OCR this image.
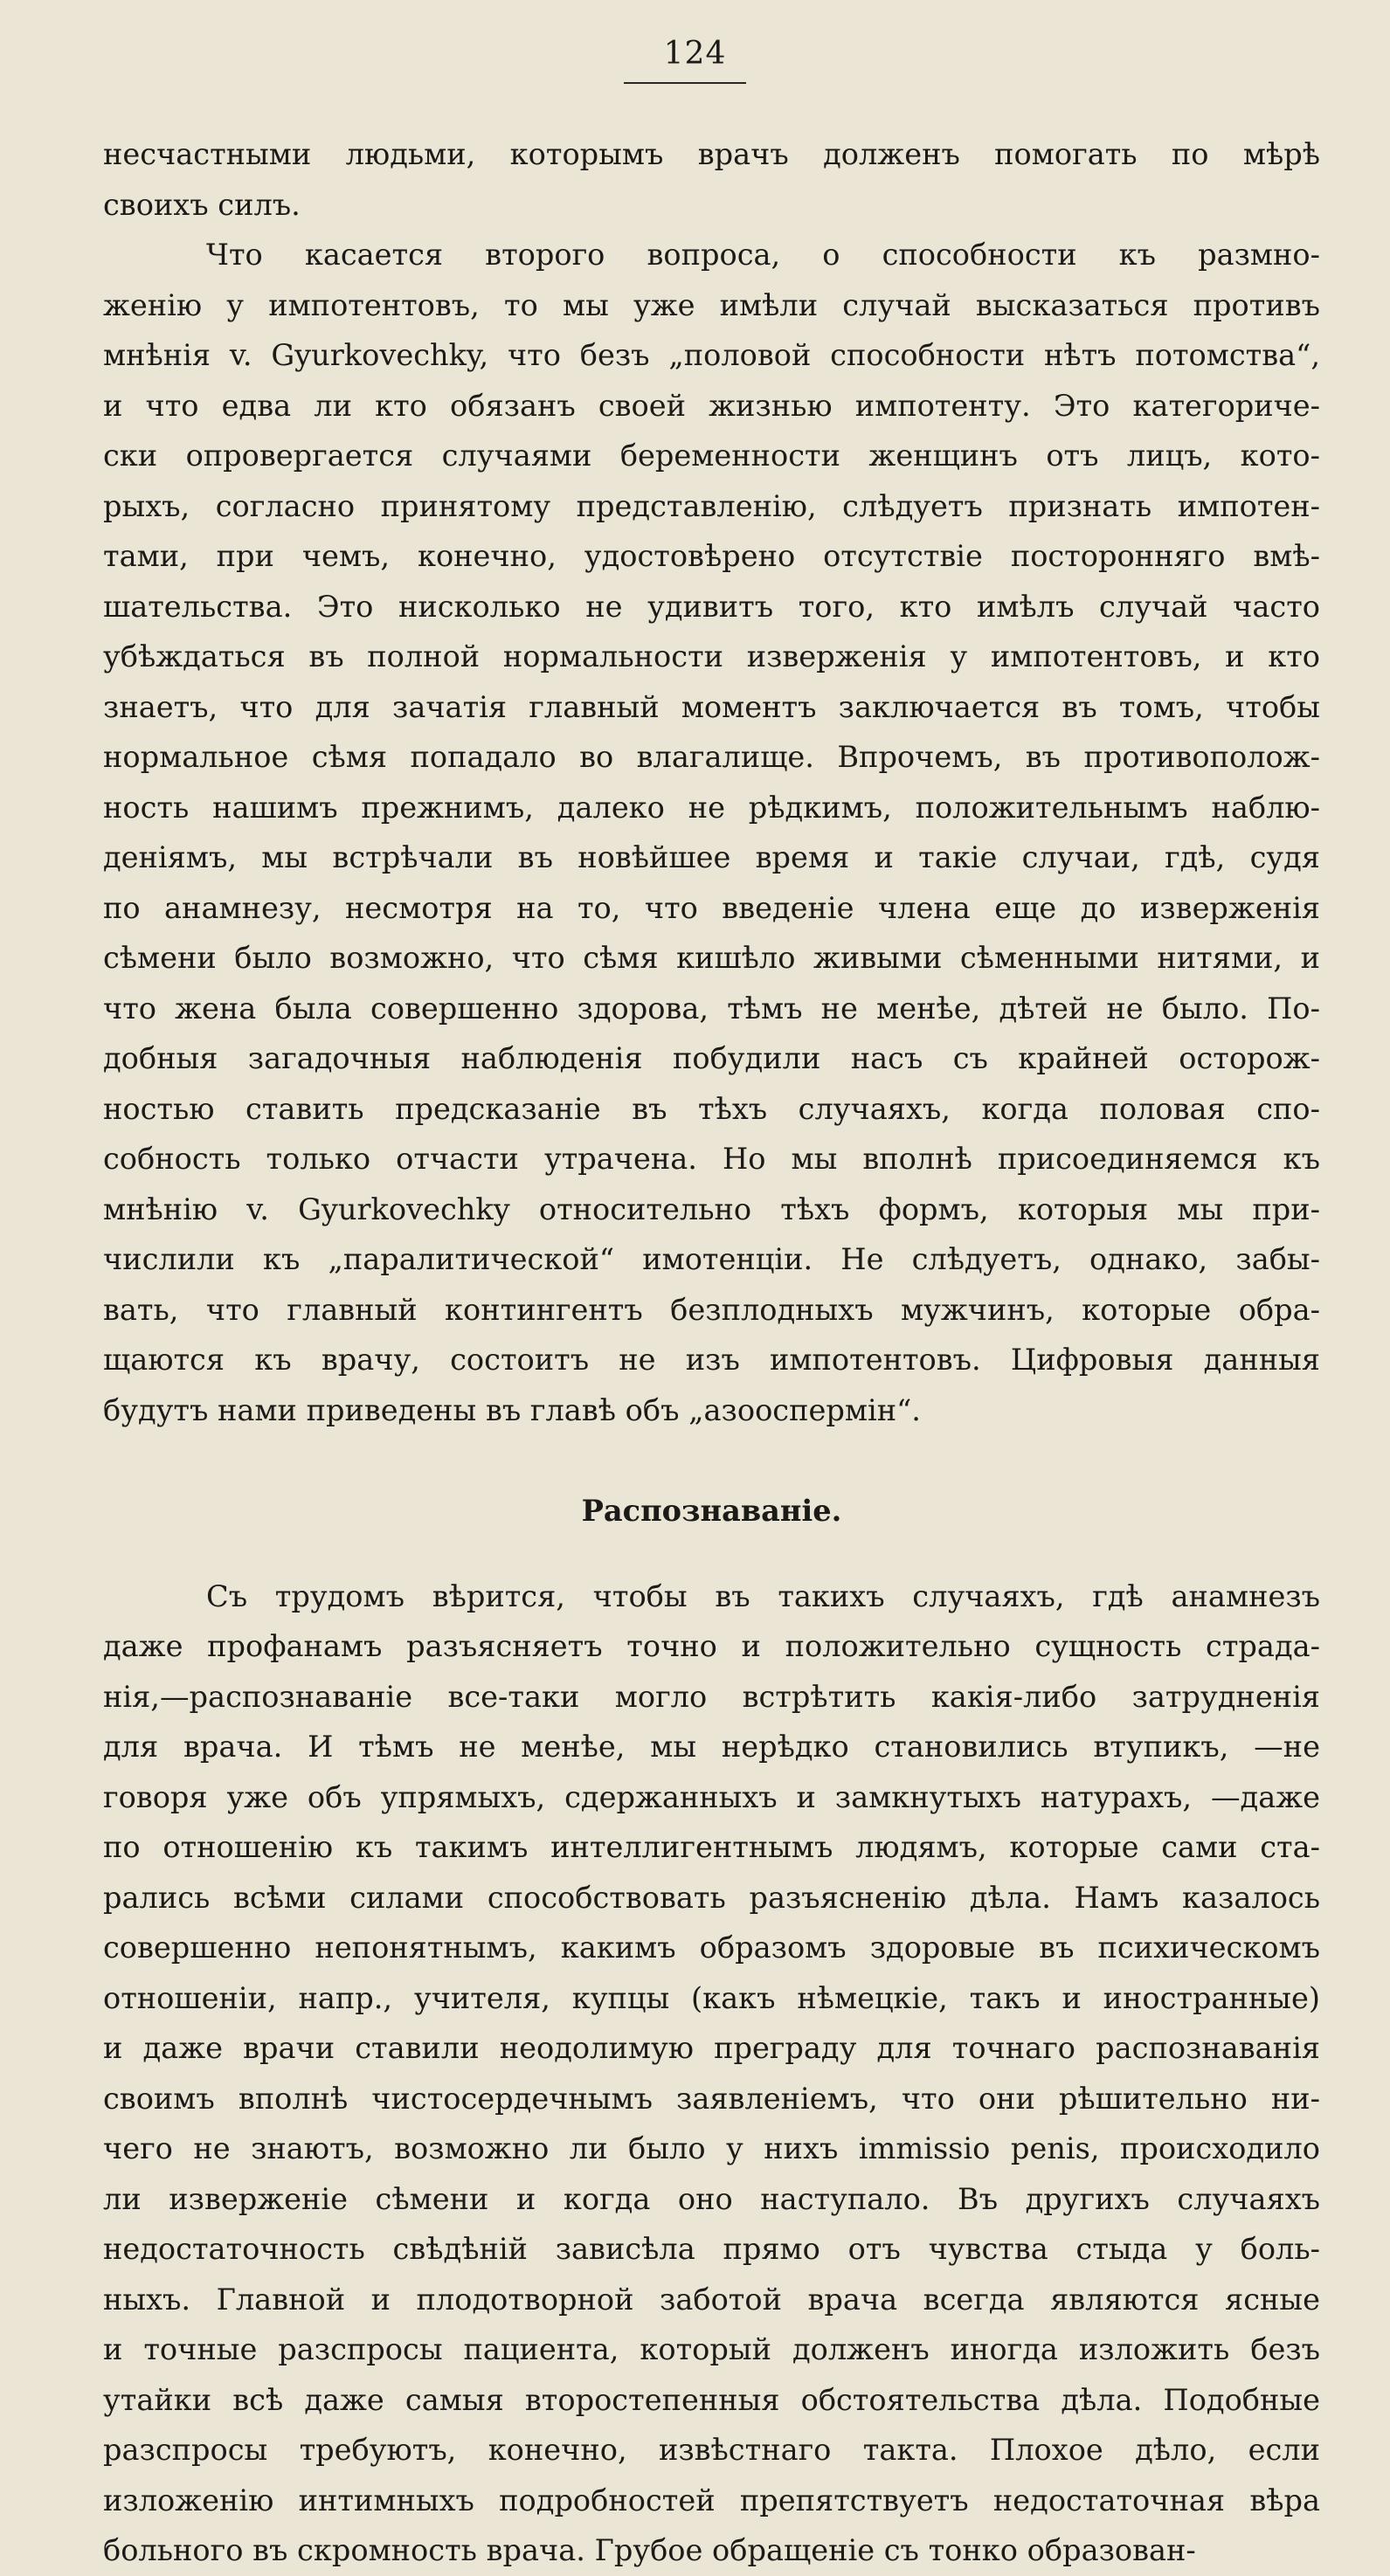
124

несчастными людьми, которымъ врачъ долженъ помогать по мѣрѣ
своихъ силъ.

Что касается второго вопроса, о способности къ размно-
женію у импотентовъ, то мы уже имѣли случай высказаться противъ
мнѣнія v. Gyurkovechky, что безъ „половой способности нѣтъ потомства“,
и что едва ли кто обязанъ своей жизнью импотенту. Это категориче-
ски опровергается случаями беременности женщинъ отъ лицъ, кото-
рыхъ, согласно принятому представленію, слѣдуетъ признать импотен-
тами, при чемъ, конечно, удостовѣрено отсутствіе посторонняго вмѣ-
шательства. Это нисколько не удивитъ того, кто имѣлъ случай часто
убѣждаться въ полной нормальности изверженія у импотентовъ, и кто
знаетъ, что для зачатія главный моментъ заключается въ томъ, чтобы
нормальное сѣмя попадало во влагалище. Впрочемъ, въ противополож-
ность нашимъ прежнимъ, далеко не рѣдкимъ, положительнымъ наблю-
деніямъ, мы встрѣчали въ новѣйшее время и такіе случаи, гдѣ, судя
по анамнезу, несмотря на то, что введеніе члена еще до изверженія
сѣмени было возможно, что сѣмя кишѣло живыми сѣменными нитями, и
что жена была совершенно здорова, тѣмъ не менѣе, дѣтей не было. По-
добныя загадочныя наблюденія побудили насъ съ крайней осторож-
ностью ставить предсказаніе въ тѣхъ случаяхъ, когда половая спо-
собность только отчасти утрачена. Но мы вполнѣ присоединяемся къ
мнѣнію v. Gyurkovechky относительно тѣхъ формъ, которыя мы при-
числили къ „паралитической“ имотенціи. Не слѣдуетъ, однако, забы-
вать, что главный контингентъ безплодныхъ мужчинъ, которые обра-
щаются къ врачу, состоитъ не изъ импотентовъ. Цифровыя данныя
будутъ нами приведены въ главѣ объ „азооспермін“.

Распознаваніе.

Съ трудомъ вѣрится, чтобы въ такихъ случаяхъ, гдѣ анамнезъ
даже профанамъ разъясняетъ точно и положительно сущность страда-
нія,—распознаваніе все-таки могло встрѣтить какія-либо затрудненія
для врача. И тѣмъ не менѣе, мы нерѣдко становились втупикъ, —не
говоря уже объ упрямыхъ, сдержанныхъ и замкнутыхъ натурахъ, —даже
по отношенію къ такимъ интеллигентнымъ людямъ, которые сами ста-
рались всѣми силами способствовать разъясненію дѣла. Намъ казалось
совершенно непонятнымъ, какимъ образомъ здоровые въ психическомъ
отношеніи, напр., учителя, купцы (какъ нѣмецкіе, такъ и иностранные)
и даже врачи ставили неодолимую преграду для точнаго распознаванія
своимъ вполнѣ чистосердечнымъ заявленіемъ, что они рѣшительно ни-
чего не знаютъ, возможно ли было у нихъ immissio penis, происходило
ли изверженіе сѣмени и когда оно наступало. Въ другихъ случаяхъ
недостаточность свѣдѣній зависѣла прямо отъ чувства стыда у боль-
ныхъ. Главной и плодотворной заботой врача всегда являются ясные
и точные разспросы пациента, который долженъ иногда изложить безъ
утайки всѣ даже самыя второстепенныя обстоятельства дѣла. Подобные
разспросы требуютъ, конечно, извѣстнаго такта. Плохое дѣло, если
изложенію интимныхъ подробностей препятствуетъ недостаточная вѣра
больного въ скромность врача. Грубое обращеніе съ тонко образован-
